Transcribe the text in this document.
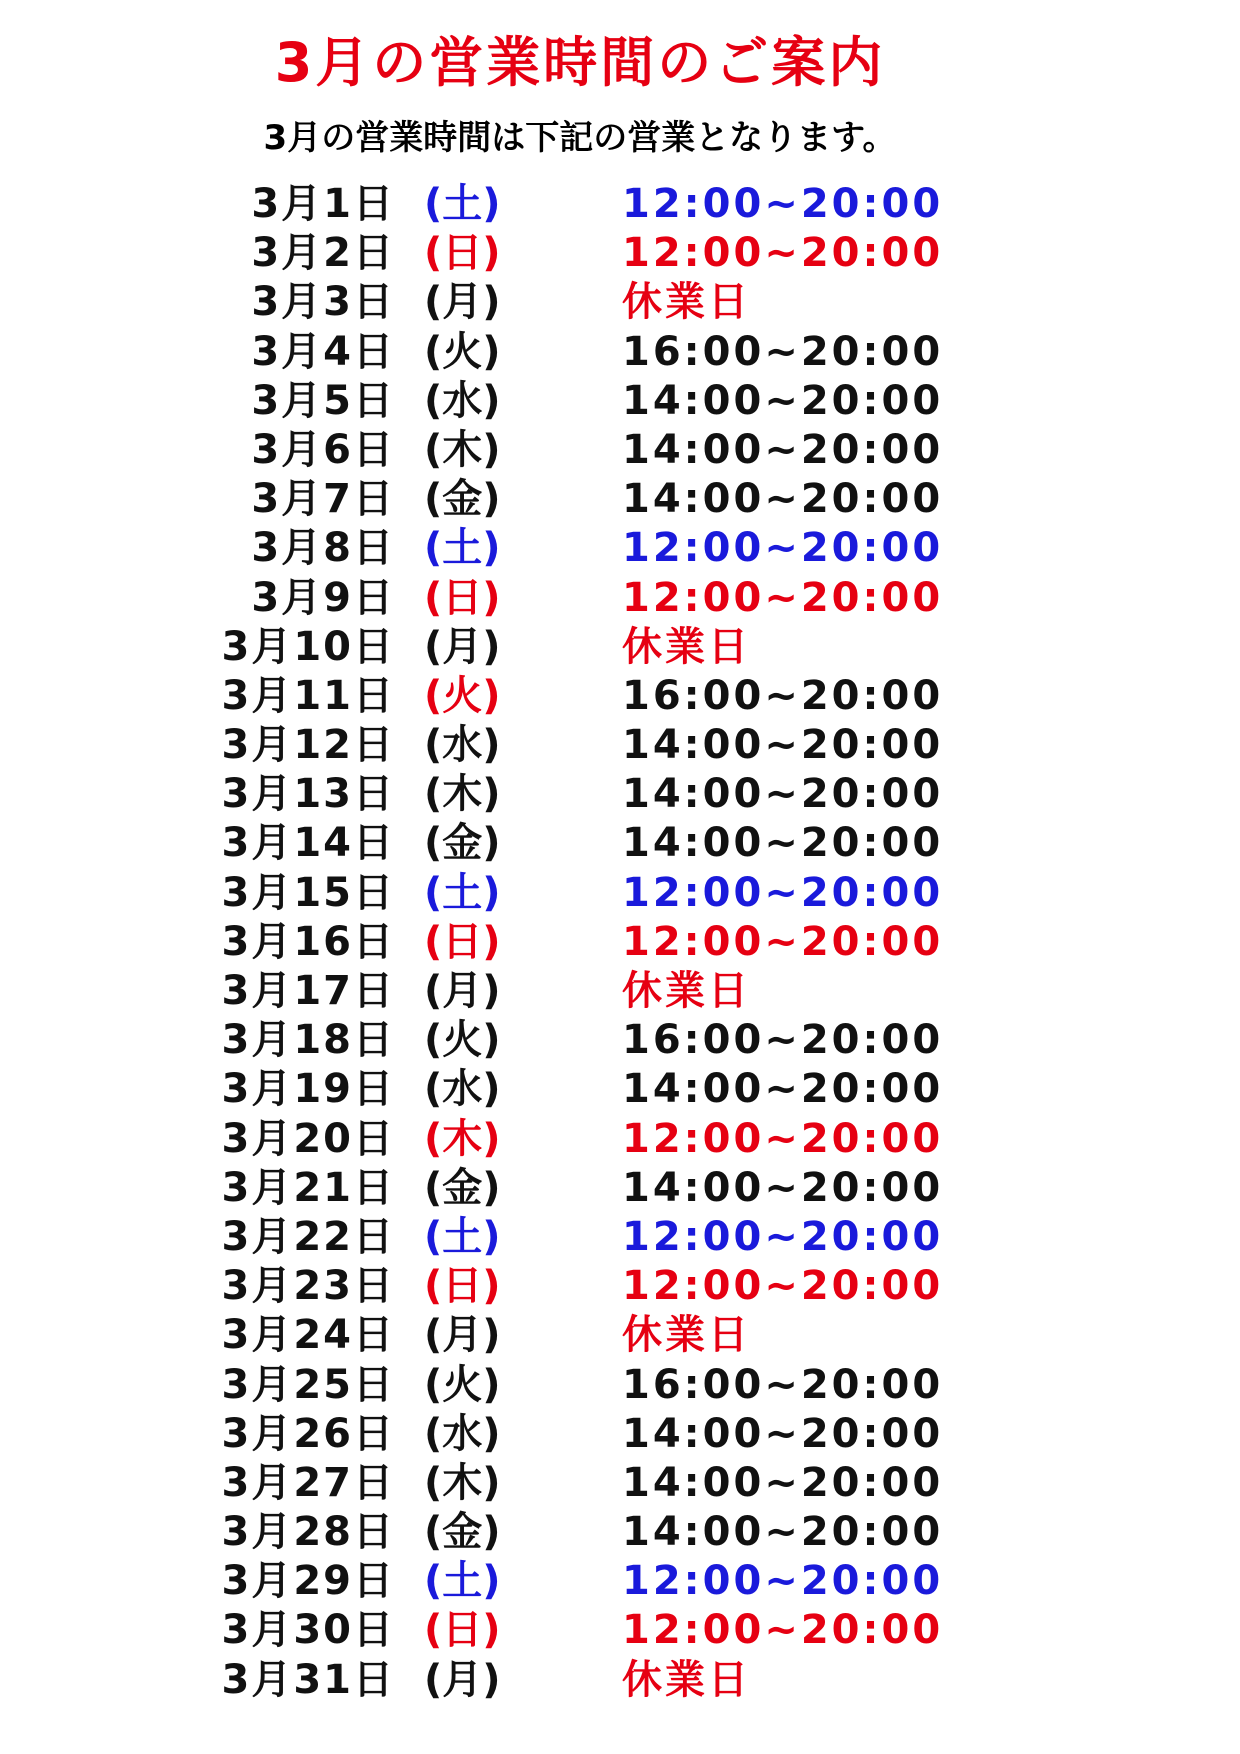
3月の営業時間のご案内
3月の営業時間は下記の営業となります。
3月1日 (土)	12:00~20:00
3月2日 (日)	12:00~20:00
3月3日 (月)	休業日
3月4日 (火)	16:00~20:00
3月5日 (水)	14:00~20:00
3月6日 (木)	14:00~20:00
3月7日 (金)	14:00~20:00
3月8日 (土)	12:00~20:00
3月9日 (日)	12:00~20:00
3月10日 (月)	休業日
3月11日 (火)	16:00~20:00
3月12日 (水)	14:00~20:00
3月13日 (木)	14:00~20:00
3月14日 (金)	14:00~20:00
3月15日 (土)	12:00~20:00
3月16日 (日)	12:00~20:00
3月17日 (月)	休業日
3月18日 (火)	16:00~20:00
3月19日 (水)	14:00~20:00
3月20日 (木)	12:00~20:00
3月21日 (金)	14:00~20:00
3月22日 (土)	12:00~20:00
3月23日 (日)	12:00~20:00
3月24日 (月)	休業日
3月25日 (火)	16:00~20:00
3月26日 (水)	14:00~20:00
3月27日 (木)	14:00~20:00
3月28日 (金)	14:00~20:00
3月29日 (土)	12:00~20:00
3月30日 (日)	12:00~20:00
3月31日 (月)	休業日
